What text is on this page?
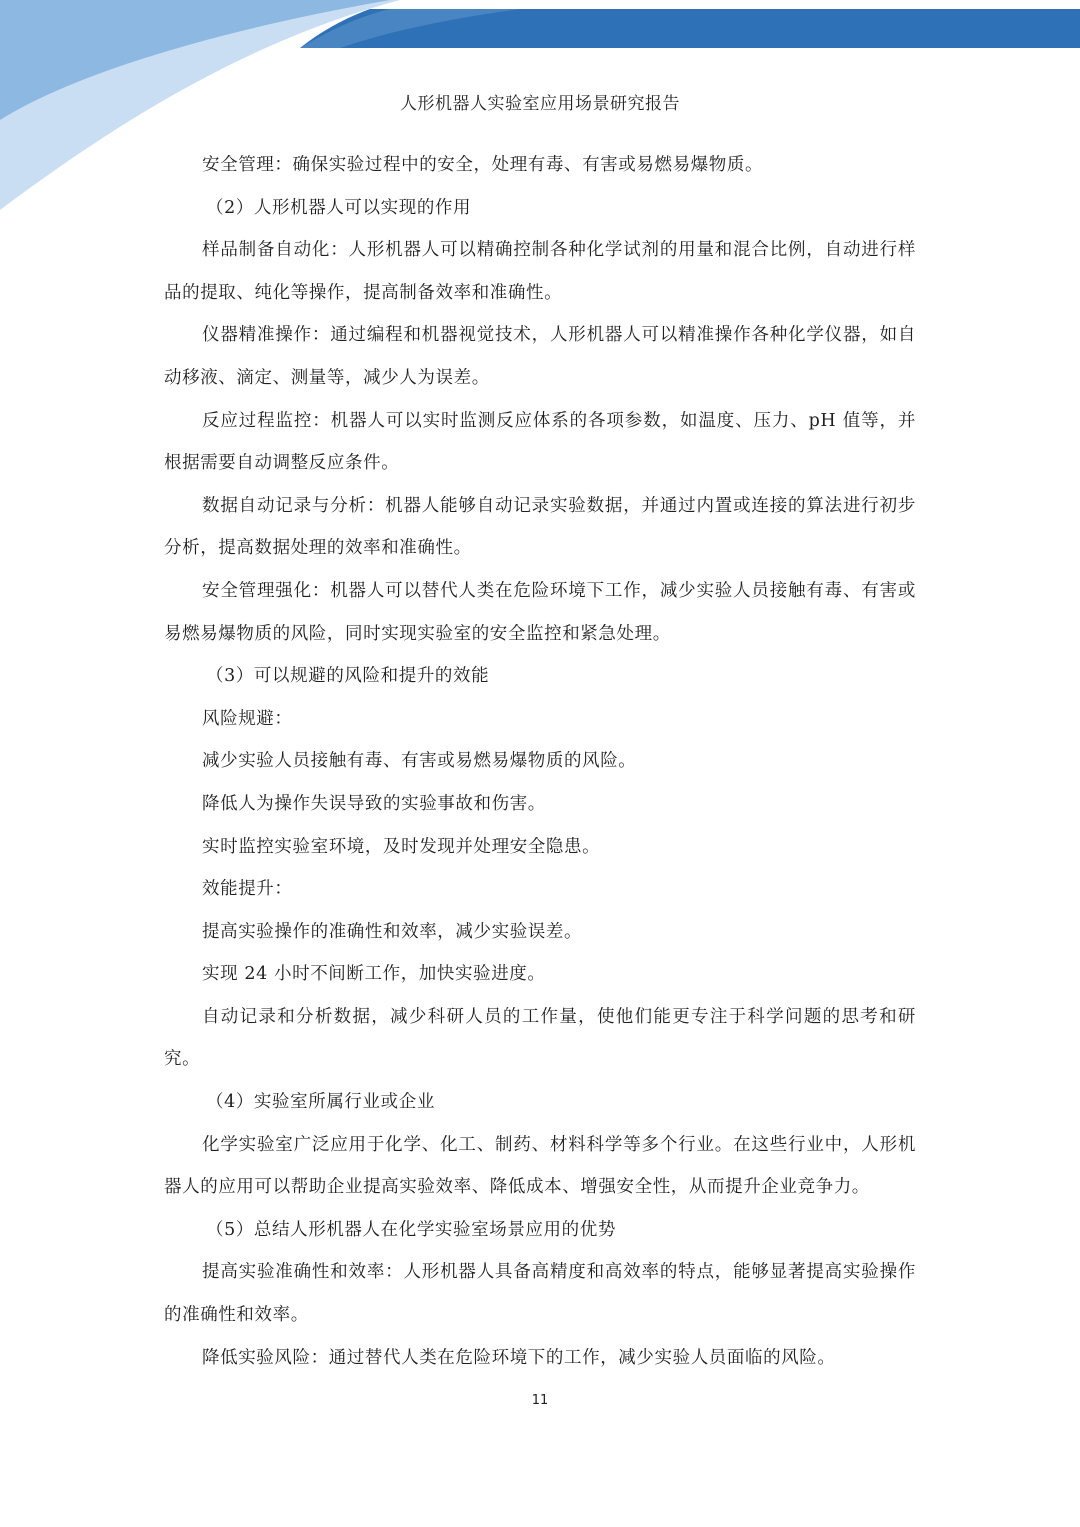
人形机器人实验室应用场景研究报告

安全管理：确保实验过程中的安全，处理有毒、有害或易燃易爆物质。

（2）人形机器人可以实现的作用

样品制备自动化：人形机器人可以精确控制各种化学试剂的用量和混合比例，自动进行样品的提取、纯化等操作，提高制备效率和准确性。

仪器精准操作：通过编程和机器视觉技术，人形机器人可以精准操作各种化学仪器，如自动移液、滴定、测量等，减少人为误差。

反应过程监控：机器人可以实时监测反应体系的各项参数，如温度、压力、pH 值等，并根据需要自动调整反应条件。

数据自动记录与分析：机器人能够自动记录实验数据，并通过内置或连接的算法进行初步分析，提高数据处理的效率和准确性。

安全管理强化：机器人可以替代人类在危险环境下工作，减少实验人员接触有毒、有害或易燃易爆物质的风险，同时实现实验室的安全监控和紧急处理。

（3）可以规避的风险和提升的效能

风险规避：

减少实验人员接触有毒、有害或易燃易爆物质的风险。

降低人为操作失误导致的实验事故和伤害。

实时监控实验室环境，及时发现并处理安全隐患。

效能提升：

提高实验操作的准确性和效率，减少实验误差。

实现 24 小时不间断工作，加快实验进度。

自动记录和分析数据，减少科研人员的工作量，使他们能更专注于科学问题的思考和研究。

（4）实验室所属行业或企业

化学实验室广泛应用于化学、化工、制药、材料科学等多个行业。在这些行业中，人形机器人的应用可以帮助企业提高实验效率、降低成本、增强安全性，从而提升企业竞争力。

（5）总结人形机器人在化学实验室场景应用的优势

提高实验准确性和效率：人形机器人具备高精度和高效率的特点，能够显著提高实验操作的准确性和效率。

降低实验风险：通过替代人类在危险环境下的工作，减少实验人员面临的风险。

11
